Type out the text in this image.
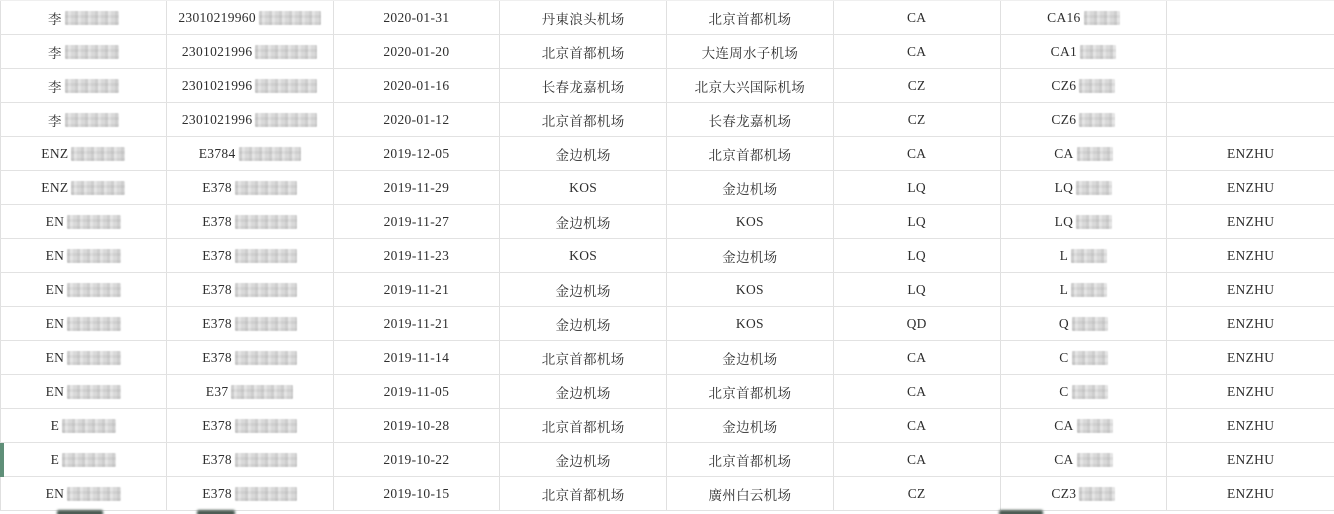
李	23010219960	2020-01-31	丹東浪头机场	北京首都机场	CA	CA16
李	2301021996	2020-01-20	北京首都机场	大连周水子机场	CA	CA1
李	2301021996	2020-01-16	长春龙嘉机场	北京大兴国际机场	CZ	CZ6
李	2301021996	2020-01-12	北京首都机场	长春龙嘉机场	CZ	CZ6
ENZ	E3784	2019-12-05	金边机场	北京首都机场	CA	CA	ENZHU
ENZ	E378	2019-11-29	KOS	金边机场	LQ	LQ	ENZHU
EN	E378	2019-11-27	金边机场	KOS	LQ	LQ	ENZHU
EN	E378	2019-11-23	KOS	金边机场	LQ	L	ENZHU
EN	E378	2019-11-21	金边机场	KOS	LQ	L	ENZHU
EN	E378	2019-11-21	金边机场	KOS	QD	Q	ENZHU
EN	E378	2019-11-14	北京首都机场	金边机场	CA	C	ENZHU
EN	E37	2019-11-05	金边机场	北京首都机场	CA	C	ENZHU
E	E378	2019-10-28	北京首都机场	金边机场	CA	CA	ENZHU
E	E378	2019-10-22	金边机场	北京首都机场	CA	CA	ENZHU
EN	E378	2019-10-15	北京首都机场	廣州白云机场	CZ	CZ3	ENZHU
